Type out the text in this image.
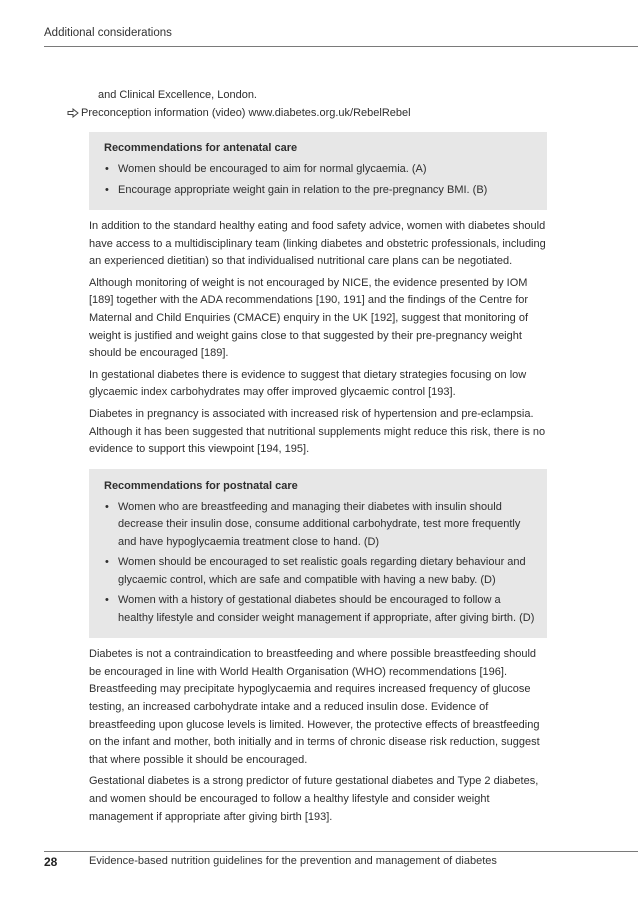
Additional considerations

and Clinical Excellence, London.

Preconception information (video) www.diabetes.org.uk/RebelRebel
Recommendations for antenatal care
• Women should be encouraged to aim for normal glycaemia. (A)
• Encourage appropriate weight gain in relation to the pre-pregnancy BMI. (B)

In addition to the standard healthy eating and food safety advice, women with diabetes should have access to a multidisciplinary team (linking diabetes and obstetric professionals, including an experienced dietitian) so that individualised nutritional care plans can be negotiated.

Although monitoring of weight is not encouraged by NICE, the evidence presented by IOM [189] together with the ADA recommendations [190, 191] and the findings of the Centre for Maternal and Child Enquiries (CMACE) enquiry in the UK [192], suggest that monitoring of weight is justified and weight gains close to that suggested by their pre-pregnancy weight should be encouraged [189].

In gestational diabetes there is evidence to suggest that dietary strategies focusing on low glycaemic index carbohydrates may offer improved glycaemic control [193].

Diabetes in pregnancy is associated with increased risk of hypertension and pre-eclampsia. Although it has been suggested that nutritional supplements might reduce this risk, there is no evidence to support this viewpoint [194, 195].

Recommendations for postnatal care
• Women who are breastfeeding and managing their diabetes with insulin should decrease their insulin dose, consume additional carbohydrate, test more frequently and have hypoglycaemia treatment close to hand. (D)
• Women should be encouraged to set realistic goals regarding dietary behaviour and glycaemic control, which are safe and compatible with having a new baby. (D)
• Women with a history of gestational diabetes should be encouraged to follow a healthy lifestyle and consider weight management if appropriate, after giving birth. (D)

Diabetes is not a contraindication to breastfeeding and where possible breastfeeding should be encouraged in line with World Health Organisation (WHO) recommendations [196]. Breastfeeding may precipitate hypoglycaemia and requires increased frequency of glucose testing, an increased carbohydrate intake and a reduced insulin dose. Evidence of breastfeeding upon glucose levels is limited. However, the protective effects of breastfeeding on the infant and mother, both initially and in terms of chronic disease risk reduction, suggest that where possible it should be encouraged.

Gestational diabetes is a strong predictor of future gestational diabetes and Type 2 diabetes, and women should be encouraged to follow a healthy lifestyle and consider weight management if appropriate after giving birth [193].

28	Evidence-based nutrition guidelines for the prevention and management of diabetes
